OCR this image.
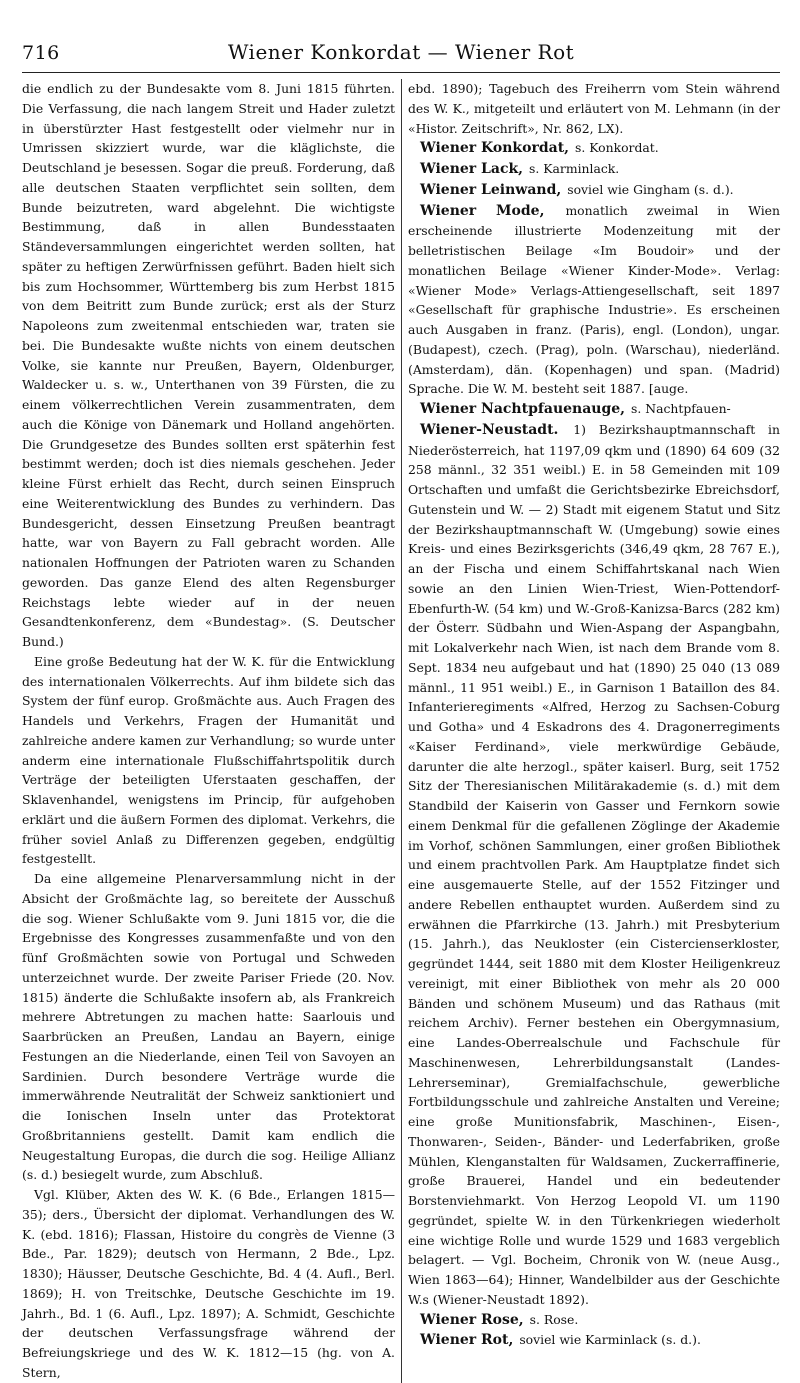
716	Wiener Konkordat — Wiener Rot

die endlich zu der Bundesakte vom 8. Juni 1815 führten. Die Verfassung, die nach langem Streit und Hader zuletzt in überstürzter Hast festgestellt oder vielmehr nur in Umrissen skizziert wurde, war die kläglichste, die Deutschland je besessen. Sogar die preuß. Forderung, daß alle deutschen Staaten verpflichtet sein sollten, dem Bunde beizutreten, ward abgelehnt. Die wichtigste Bestimmung, daß in allen Bundesstaaten Ständeversammlungen eingerichtet werden sollten, hat später zu heftigen Zerwürfnissen geführt. Baden hielt sich bis zum Hochsommer, Württemberg bis zum Herbst 1815 von dem Beitritt zum Bunde zurück; erst als der Sturz Napoleons zum zweitenmal entschieden war, traten sie bei. Die Bundesakte wußte nichts von einem deutschen Volke, sie kannte nur Preußen, Bayern, Oldenburger, Waldecker u. s. w., Unterthanen von 39 Fürsten, die zu einem völkerrechtlichen Verein zusammentraten, dem auch die Könige von Dänemark und Holland angehörten. Die Grundgesetze des Bundes sollten erst späterhin fest bestimmt werden; doch ist dies niemals geschehen. Jeder kleine Fürst erhielt das Recht, durch seinen Einspruch eine Weiterentwicklung des Bundes zu verhindern. Das Bundesgericht, dessen Einsetzung Preußen beantragt hatte, war von Bayern zu Fall gebracht worden. Alle nationalen Hoffnungen der Patrioten waren zu Schanden geworden. Das ganze Elend des alten Regensburger Reichstags lebte wieder auf in der neuen Gesandtenkonferenz, dem «Bundestag». (S. Deutscher Bund.)

Eine große Bedeutung hat der W. K. für die Entwicklung des internationalen Völkerrechts. Auf ihm bildete sich das System der fünf europ. Großmächte aus. Auch Fragen des Handels und Verkehrs, Fragen der Humanität und zahlreiche andere kamen zur Verhandlung; so wurde unter anderm eine internationale Flußschiffahrtspolitik durch Verträge der beteiligten Uferstaaten geschaffen, der Sklavenhandel, wenigstens im Princip, für aufgehoben erklärt und die äußern Formen des diplomat. Verkehrs, die früher soviel Anlaß zu Differenzen gegeben, endgültig festgestellt.

Da eine allgemeine Plenarversammlung nicht in der Absicht der Großmächte lag, so bereitete der Ausschuß die sog. Wiener Schlußakte vom 9. Juni 1815 vor, die die Ergebnisse des Kongresses zusammenfaßte und von den fünf Großmächten sowie von Portugal und Schweden unterzeichnet wurde. Der zweite Pariser Friede (20. Nov. 1815) änderte die Schlußakte insofern ab, als Frankreich mehrere Abtretungen zu machen hatte: Saarlouis und Saarbrücken an Preußen, Landau an Bayern, einige Festungen an die Niederlande, einen Teil von Savoyen an Sardinien. Durch besondere Verträge wurde die immerwährende Neutralität der Schweiz sanktioniert und die Ionischen Inseln unter das Protektorat Großbritanniens gestellt. Damit kam endlich die Neugestaltung Europas, die durch die sog. Heilige Allianz (s. d.) besiegelt wurde, zum Abschluß.

Vgl. Klüber, Akten des W. K. (6 Bde., Erlangen 1815—35); ders., Übersicht der diplomat. Verhandlungen des W. K. (ebd. 1816); Flassan, Histoire du congrès de Vienne (3 Bde., Par. 1829); deutsch von Hermann, 2 Bde., Lpz. 1830); Häusser, Deutsche Geschichte, Bd. 4 (4. Aufl., Berl. 1869); H. von Treitschke, Deutsche Geschichte im 19. Jahrh., Bd. 1 (6. Aufl., Lpz. 1897); A. Schmidt, Geschichte der deutschen Verfassungsfrage während der Befreiungskriege und des W. K. 1812—15 (hg. von A. Stern,

ebd. 1890); Tagebuch des Freiherrn vom Stein während des W. K., mitgeteilt und erläutert von M. Lehmann (in der «Histor. Zeitschrift», Nr. 862, LX).

Wiener Konkordat, s. Konkordat.

Wiener Lack, s. Karminlack.

Wiener Leinwand, soviel wie Gingham (s. d.).

Wiener Mode, monatlich zweimal in Wien erscheinende illustrierte Modenzeitung mit der belletristischen Beilage «Im Boudoir» und der monatlichen Beilage «Wiener Kinder-Mode». Verlag: «Wiener Mode» Verlags-Attiengesellschaft, seit 1897 «Gesellschaft für graphische Industrie». Es erscheinen auch Ausgaben in franz. (Paris), engl. (London), ungar. (Budapest), czech. (Prag), poln. (Warschau), niederländ. (Amsterdam), dän. (Kopenhagen) und span. (Madrid) Sprache. Die W. M. besteht seit 1887. [auge.

Wiener Nachtpfauenauge, s. Nachtpfauen-

Wiener-Neustadt. 1) Bezirkshauptmannschaft in Niederösterreich, hat 1197,09 qkm und (1890) 64 609 (32 258 männl., 32 351 weibl.) E. in 58 Gemeinden mit 109 Ortschaften und umfaßt die Gerichtsbezirke Ebreichsdorf, Gutenstein und W. — 2) Stadt mit eigenem Statut und Sitz der Bezirkshauptmannschaft W. (Umgebung) sowie eines Kreis- und eines Bezirksgerichts (346,49 qkm, 28 767 E.), an der Fischa und einem Schiffahrtskanal nach Wien sowie an den Linien Wien-Triest, Wien-Pottendorf-Ebenfurth-W. (54 km) und W.-Groß-Kanizsa-Barcs (282 km) der Österr. Südbahn und Wien-Aspang der Aspangbahn, mit Lokalverkehr nach Wien, ist nach dem Brande vom 8. Sept. 1834 neu aufgebaut und hat (1890) 25 040 (13 089 männl., 11 951 weibl.) E., in Garnison 1 Bataillon des 84. Infanterieregiments «Alfred, Herzog zu Sachsen-Coburg und Gotha» und 4 Eskadrons des 4. Dragonerregiments «Kaiser Ferdinand», viele merkwürdige Gebäude, darunter die alte herzogl., später kaiserl. Burg, seit 1752 Sitz der Theresianischen Militärakademie (s. d.) mit dem Standbild der Kaiserin von Gasser und Fernkorn sowie einem Denkmal für die gefallenen Zöglinge der Akademie im Vorhof, schönen Sammlungen, einer großen Bibliothek und einem prachtvollen Park. Am Hauptplatze findet sich eine ausgemauerte Stelle, auf der 1552 Fitzinger und andere Rebellen enthauptet wurden. Außerdem sind zu erwähnen die Pfarrkirche (13. Jahrh.) mit Presbyterium (15. Jahrh.), das Neukloster (ein Cistercienserkloster, gegründet 1444, seit 1880 mit dem Kloster Heiligenkreuz vereinigt, mit einer Bibliothek von mehr als 20 000 Bänden und schönem Museum) und das Rathaus (mit reichem Archiv). Ferner bestehen ein Obergymnasium, eine Landes-Oberrealschule und Fachschule für Maschinenwesen, Lehrerbildungsanstalt (Landes-Lehrerseminar), Gremialfachschule, gewerbliche Fortbildungsschule und zahlreiche Anstalten und Vereine; eine große Munitionsfabrik, Maschinen-, Eisen-, Thonwaren-, Seiden-, Bänder- und Lederfabriken, große Mühlen, Klenganstalten für Waldsamen, Zuckerraffinerie, große Brauerei, Handel und ein bedeutender Borstenviehmarkt. Von Herzog Leopold VI. um 1190 gegründet, spielte W. in den Türkenkriegen wiederholt eine wichtige Rolle und wurde 1529 und 1683 vergeblich belagert. — Vgl. Bocheim, Chronik von W. (neue Ausg., Wien 1863—64); Hinner, Wandelbilder aus der Geschichte W.s (Wiener-Neustadt 1892).

Wiener Rose, s. Rose.

Wiener Rot, soviel wie Karminlack (s. d.).
